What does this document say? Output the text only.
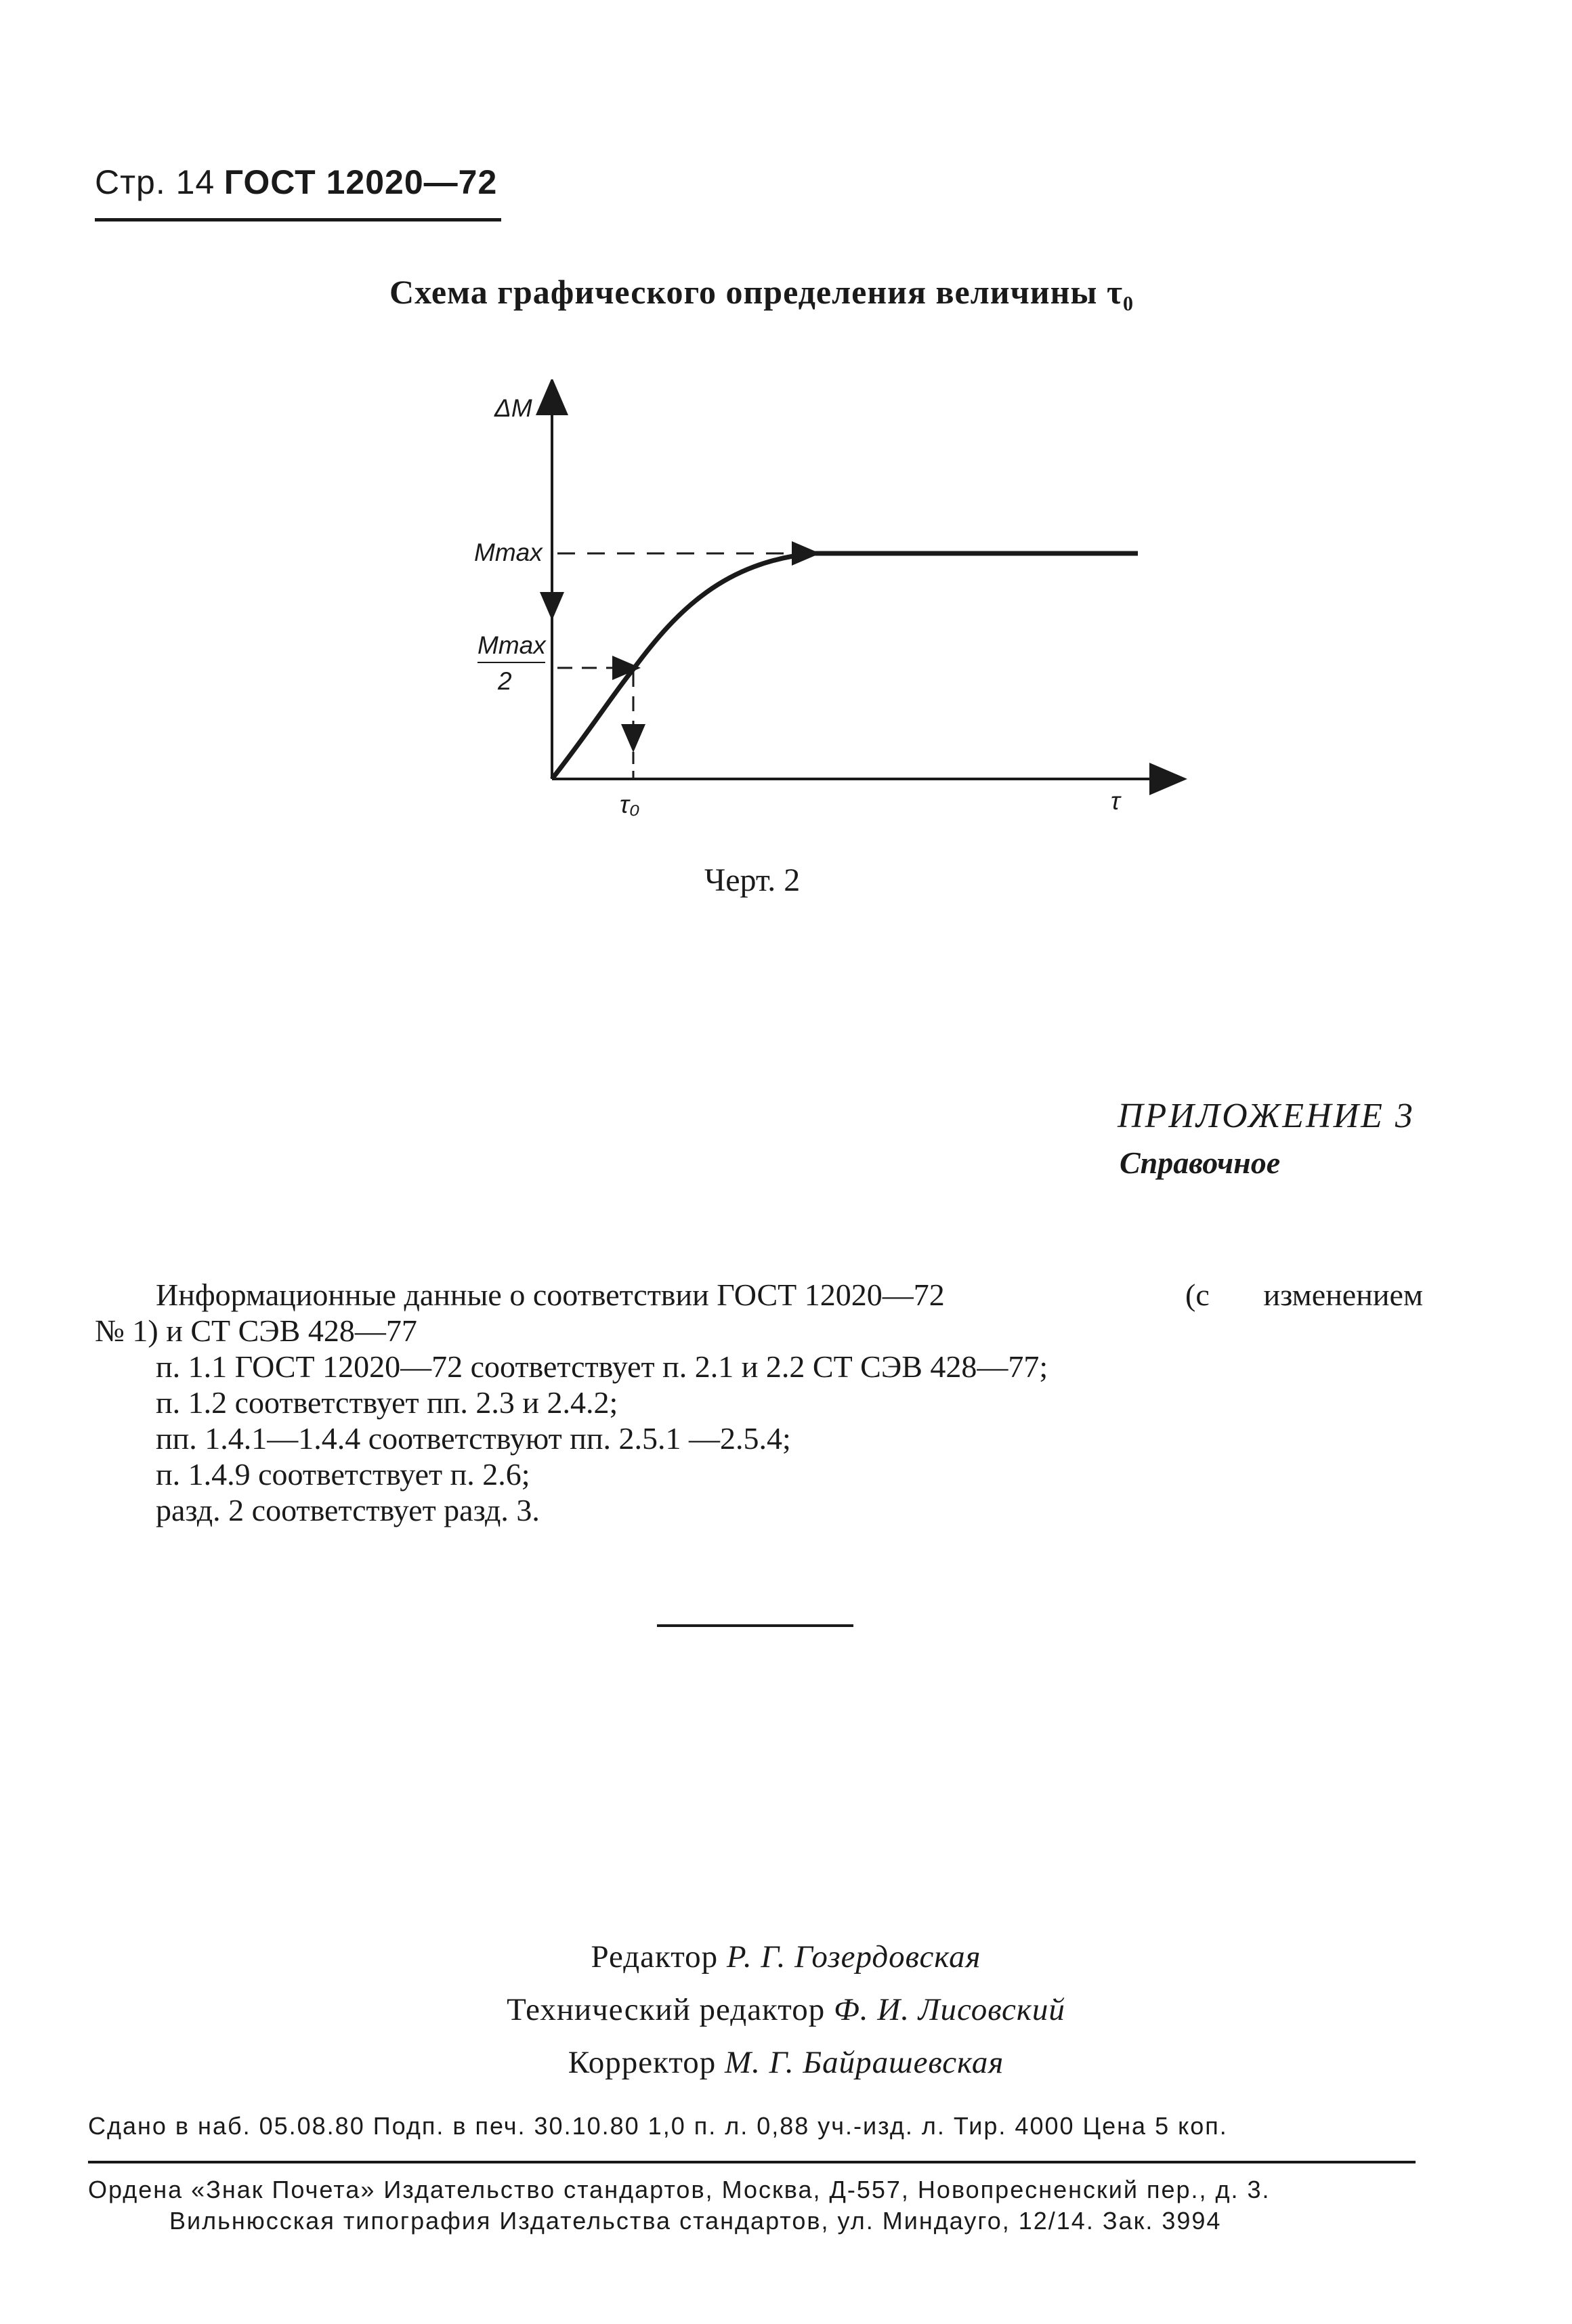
Стр. 14 ГОСТ 12020—72
Схема графического определения величины τ₀
ΔM
Mmax
Mmax
2
τ₀	τ
Черт. 2
ПРИЛОЖЕНИЕ 3
Справочное
Информационные данные о соответствии ГОСТ 12020—72	(с изменением
№ 1) и СТ СЭВ 428—77
п. 1.1 ГОСТ 12020—72 соответствует п. 2.1 и 2.2 СТ СЭВ 428—77;
п. 1.2 соответствует пп. 2.3 и 2.4.2;
пп. 1.4.1—1.4.4 соответствуют пп. 2.5.1 —2.5.4;
п. 1.4.9 соответствует п. 2.6;
разд. 2 соответствует разд. 3.
Редактор Р. Г. Гозердовская
Технический редактор Ф. И. Лисовский
Корректор М. Г. Байрашевская
Сдано в наб. 05.08.80 Подп. в печ. 30.10.80 1,0 п. л. 0,88 уч.-изд. л. Тир. 4000 Цена 5 коп.
Ордена «Знак Почета» Издательство стандартов, Москва, Д-557, Новопресненский пер., д. 3.
Вильнюсская типография Издательства стандартов, ул. Миндауго, 12/14. Зак. 3994
